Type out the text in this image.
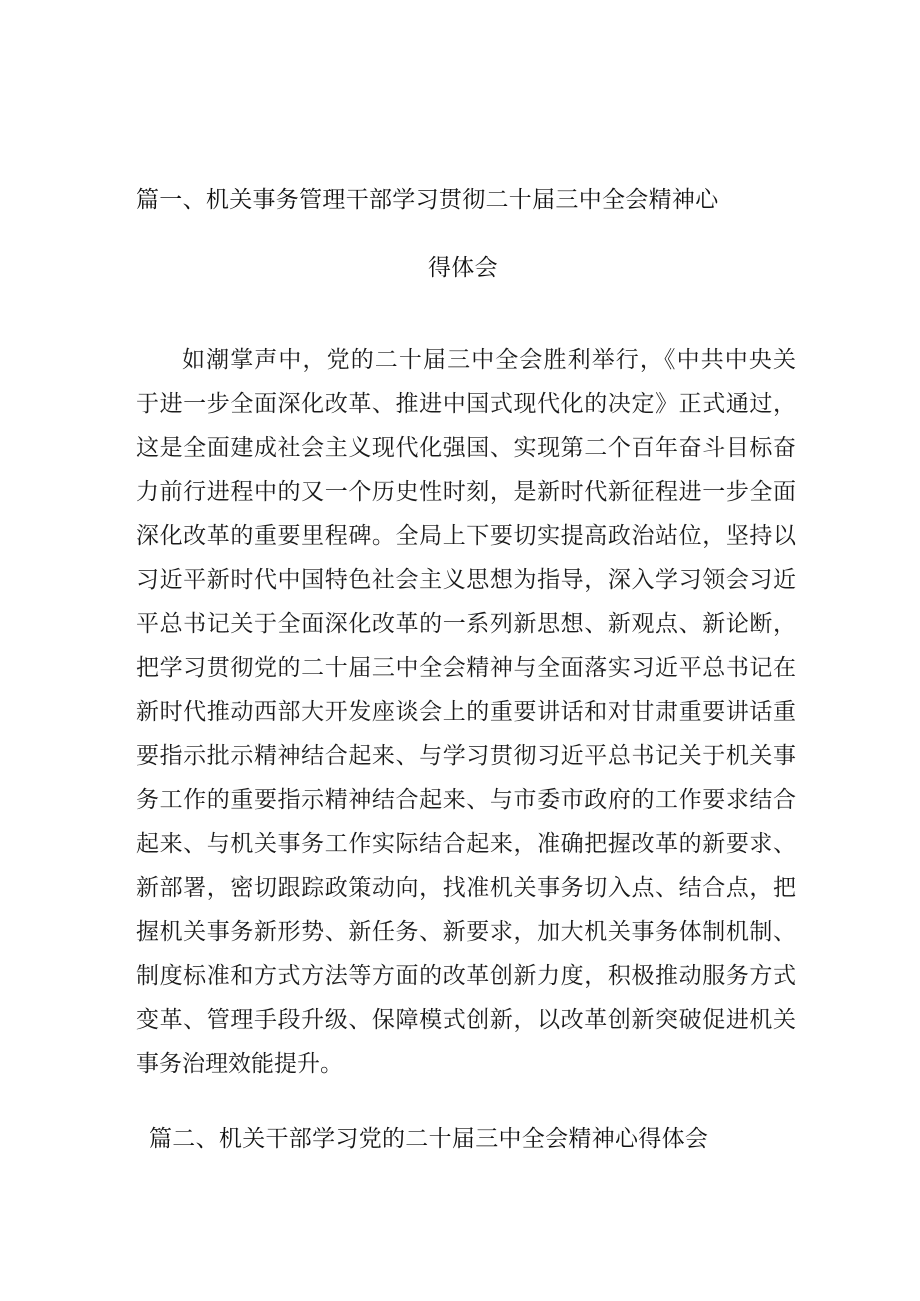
篇一、机关事务管理干部学习贯彻二十届三中全会精神心
得体会
如潮掌声中，党的二十届三中全会胜利举行，《中共中央关
于进一步全面深化改革、推进中国式现代化的决定》正式通过，
这是全面建成社会主义现代化强国、实现第二个百年奋斗目标奋
力前行进程中的又一个历史性时刻，是新时代新征程进一步全面
深化改革的重要里程碑。全局上下要切实提高政治站位，坚持以
习近平新时代中国特色社会主义思想为指导，深入学习领会习近
平总书记关于全面深化改革的一系列新思想、新观点、新论断，
把学习贯彻党的二十届三中全会精神与全面落实习近平总书记在
新时代推动西部大开发座谈会上的重要讲话和对甘肃重要讲话重
要指示批示精神结合起来、与学习贯彻习近平总书记关于机关事
务工作的重要指示精神结合起来、与市委市政府的工作要求结合
起来、与机关事务工作实际结合起来，准确把握改革的新要求、
新部署，密切跟踪政策动向，找准机关事务切入点、结合点，把
握机关事务新形势、新任务、新要求，加大机关事务体制机制、
制度标准和方式方法等方面的改革创新力度，积极推动服务方式
变革、管理手段升级、保障模式创新，以改革创新突破促进机关
事务治理效能提升。
篇二、机关干部学习党的二十届三中全会精神心得体会
